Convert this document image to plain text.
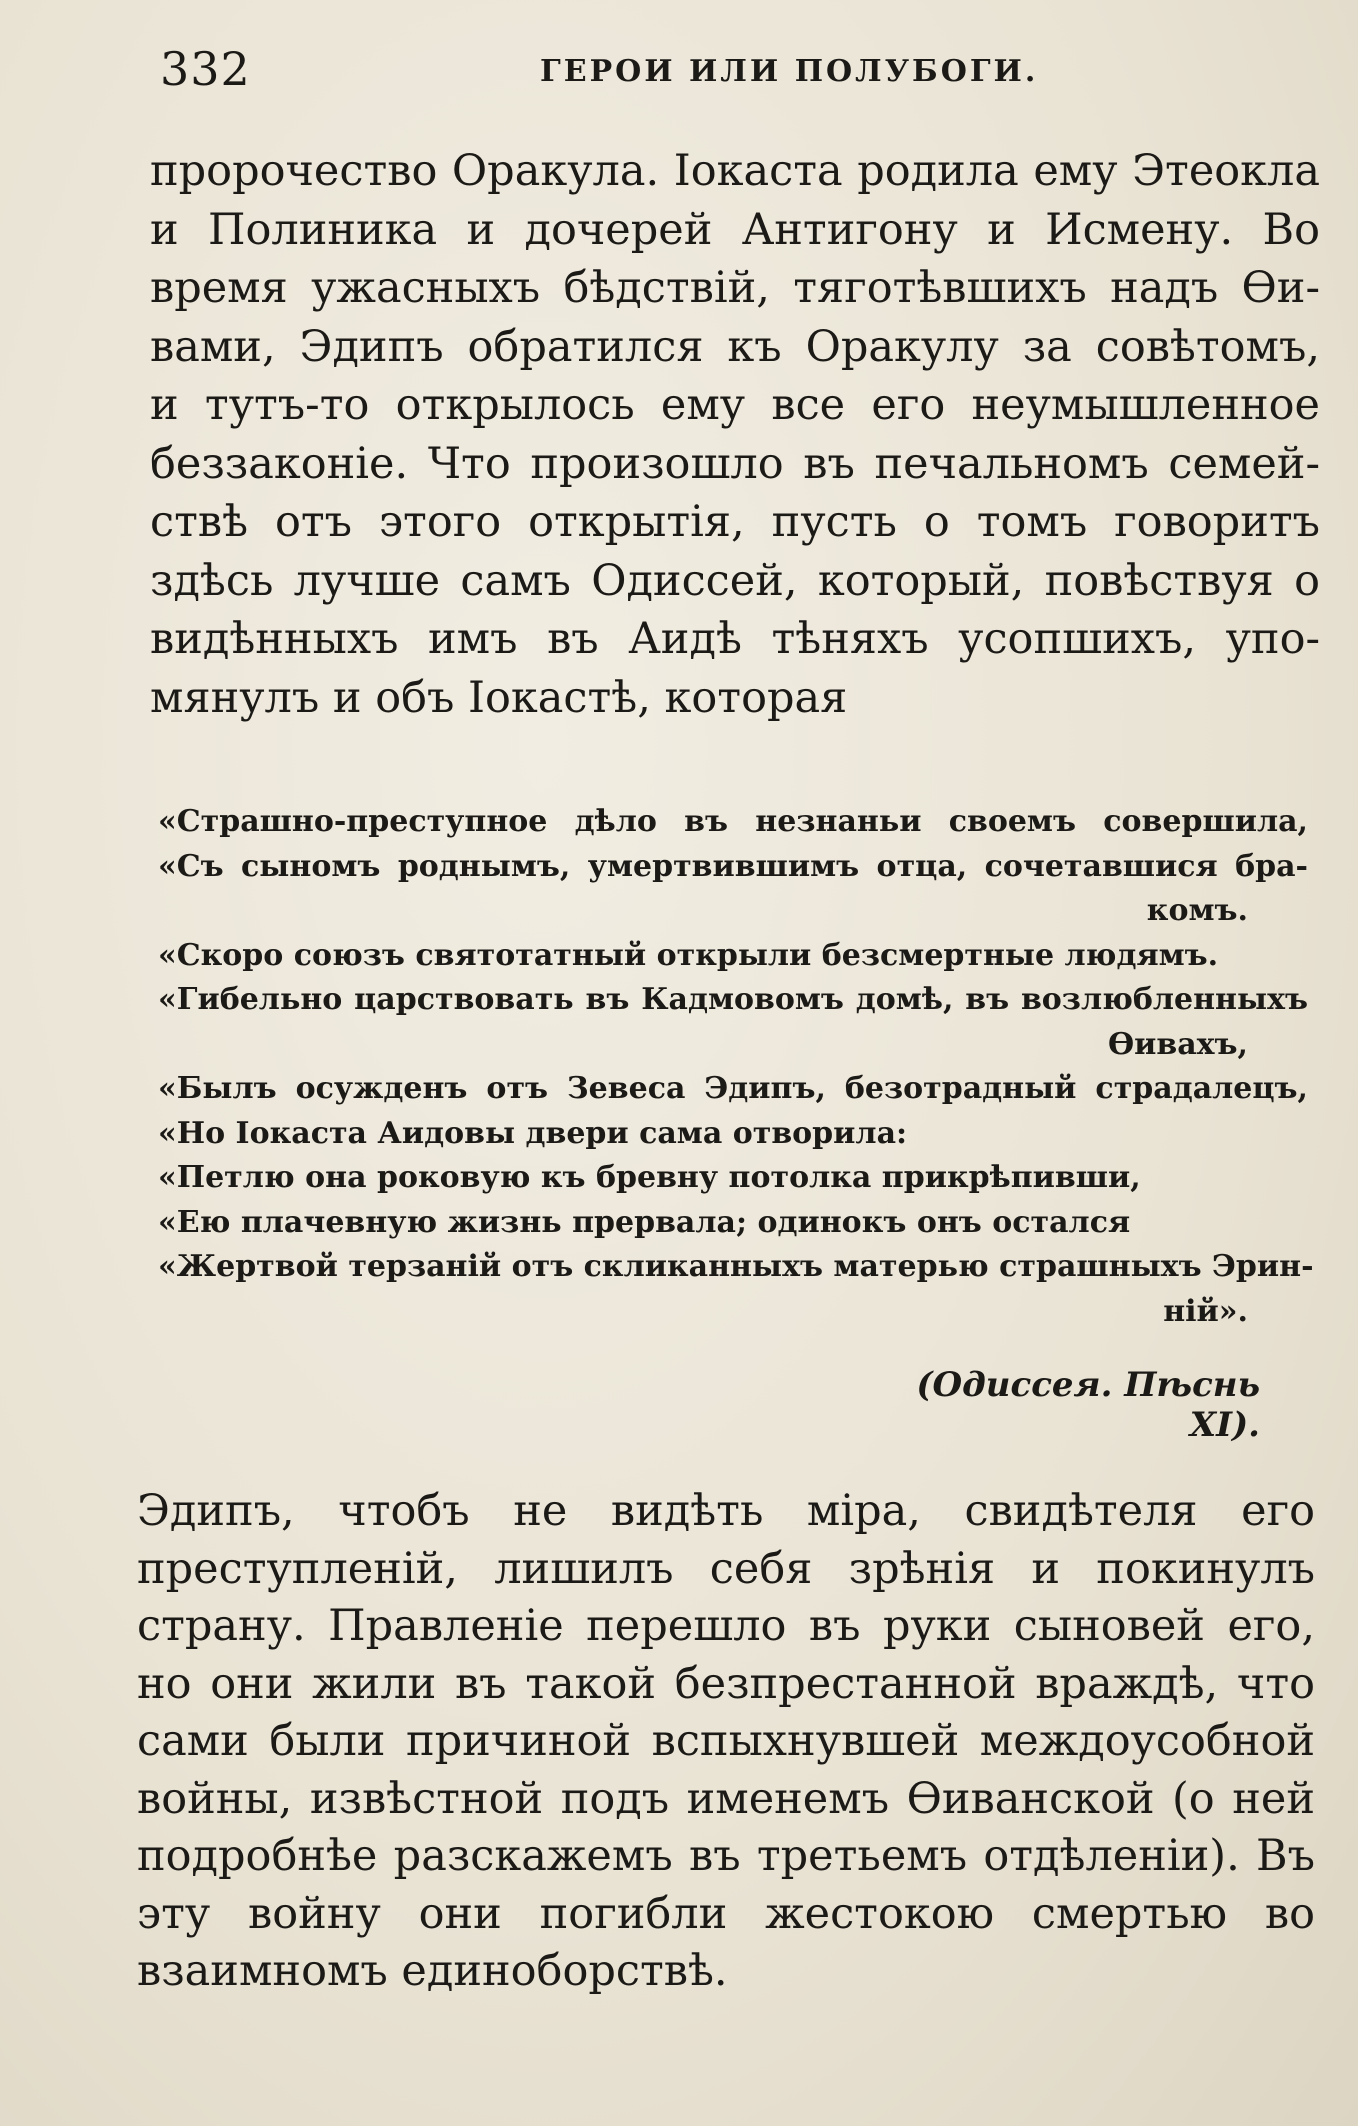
332	ГЕРОИ ИЛИ ПОЛУБОГИ.
пророчество Оракула. Іокаста родила ему Этеокла
и Полиника и дочерей Антигону и Исмену. Во
время ужасныхъ бѣдствій, тяготѣвшихъ надъ Ѳи-
вами, Эдипъ обратился къ Оракулу за совѣтомъ,
и тутъ-то открылось ему все его неумышленное
беззаконіе. Что произошло въ печальномъ семей-
ствѣ отъ этого открытія, пусть о томъ говоритъ
здѣсь лучше самъ Одиссей, который, повѣствуя о
видѣнныхъ имъ въ Аидѣ тѣняхъ усопшихъ, упо-
мянулъ и объ Іокастѣ, которая
«Страшно-преступное дѣло въ незнаньи своемъ совершила,
«Съ сыномъ роднымъ, умертвившимъ отца, сочетавшися бра-
комъ.
«Скоро союзъ святотатный открыли безсмертные людямъ.
«Гибельно царствовать въ Кадмовомъ домѣ, въ возлюбленныхъ
Ѳивахъ,
«Былъ осужденъ отъ Зевеса Эдипъ, безотрадный страдалецъ,
«Но Іокаста Аидовы двери сама отворила:
«Петлю она роковую къ бревну потолка прикрѣпивши,
«Ею плачевную жизнь прервала; одинокъ онъ остался
«Жертвой терзаній отъ скликанныхъ матерью страшныхъ Эрин-
ній».
(Одиссея. Пѣснь XI).
Эдипъ, чтобъ не видѣть міра, свидѣтеля его
преступленій, лишилъ себя зрѣнія и покинулъ
страну. Правленіе перешло въ руки сыновей его,
но они жили въ такой безпрестанной враждѣ, что
сами были причиной вспыхнувшей междоусобной
войны, извѣстной подъ именемъ Ѳиванской (о ней
подробнѣе разскажемъ въ третьемъ отдѣленіи). Въ
эту войну они погибли жестокою смертью во
взаимномъ единоборствѣ.
